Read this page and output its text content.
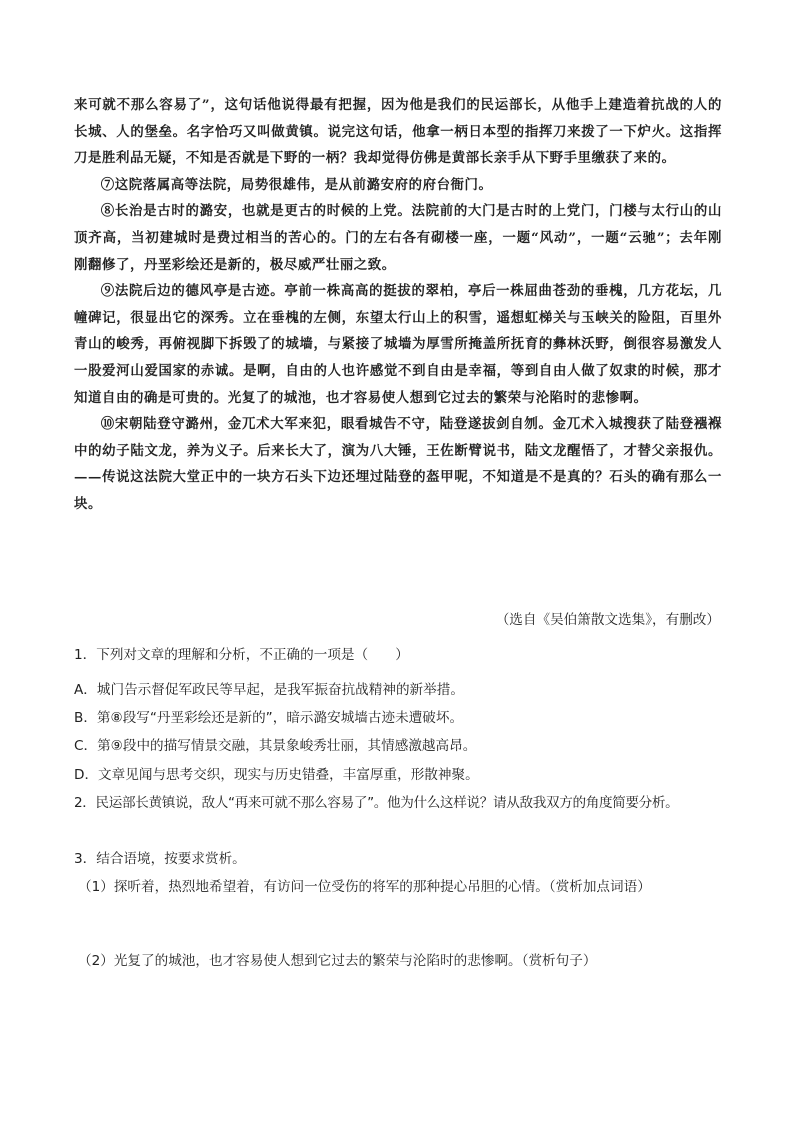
来可就不那么容易了”，这句话他说得最有把握，因为他是我们的民运部长，从他手上建造着抗战的人的长城、人的堡垒。名字恰巧又叫做黄镇。说完这句话，他拿一柄日本型的指挥刀来拨了一下炉火。这指挥刀是胜利品无疑，不知是否就是下野的一柄？我却觉得仿佛是黄部长亲手从下野手里缴获了来的。

⑦这院落属高等法院，局势很雄伟，是从前潞安府的府台衙门。

⑧长治是古时的潞安，也就是更古的时候的上党。法院前的大门是古时的上党门，门楼与太行山的山顶齐高，当初建城时是费过相当的苦心的。门的左右各有砌楼一座，一题“风动”，一题“云驰”；去年刚刚翻修了，丹垩彩绘还是新的，极尽威严壮丽之致。

⑨法院后边的德风亭是古迹。亭前一株高高的挺拔的翠柏，亭后一株屈曲苍劲的垂槐，几方花坛，几幢碑记，很显出它的深秀。立在垂槐的左侧，东望太行山上的积雪，遥想虹梯关与玉峡关的险阻，百里外青山的峻秀，再俯视脚下拆毁了的城墙，与紧接了城墙为厚雪所掩盖所抚育的彝林沃野，倒很容易激发人一股爱河山爱国家的赤诚。是啊，自由的人也许感觉不到自由是幸福，等到自由人做了奴隶的时候，那才知道自由的确是可贵的。光复了的城池，也才容易使人想到它过去的繁荣与沦陷时的悲惨啊。

⑩宋朝陆登守潞州，金兀术大军来犯，眼看城告不守，陆登遂拔剑自刎。金兀术入城搜获了陆登襁褓中的幼子陆文龙，养为义子。后来长大了，演为八大锤，王佐断臂说书，陆文龙醒悟了，才替父亲报仇。——传说这法院大堂正中的一块方石头下边还埋过陆登的盔甲呢，不知道是不是真的？石头的确有那么一块。

（选自《吴伯箫散文选集》，有删改）
1．下列对文章的理解和分析，不正确的一项是（　　）
A．城门告示督促军政民等早起，是我军振奋抗战精神的新举措。
B．第⑧段写“丹垩彩绘还是新的”，暗示潞安城墙古迹未遭破坏。
C．第⑨段中的描写情景交融，其景象峻秀壮丽，其情感激越高昂。
D．文章见闻与思考交织，现实与历史错叠，丰富厚重，形散神聚。
2．民运部长黄镇说，敌人“再来可就不那么容易了”。他为什么这样说？请从敌我双方的角度简要分析。
3．结合语境，按要求赏析。
（1）探听着，热烈地希望着，有访问一位受伤的将军的那种提心吊胆的心情。（赏析加点词语）
（2）光复了的城池，也才容易使人想到它过去的繁荣与沦陷时的悲惨啊。（赏析句子）
